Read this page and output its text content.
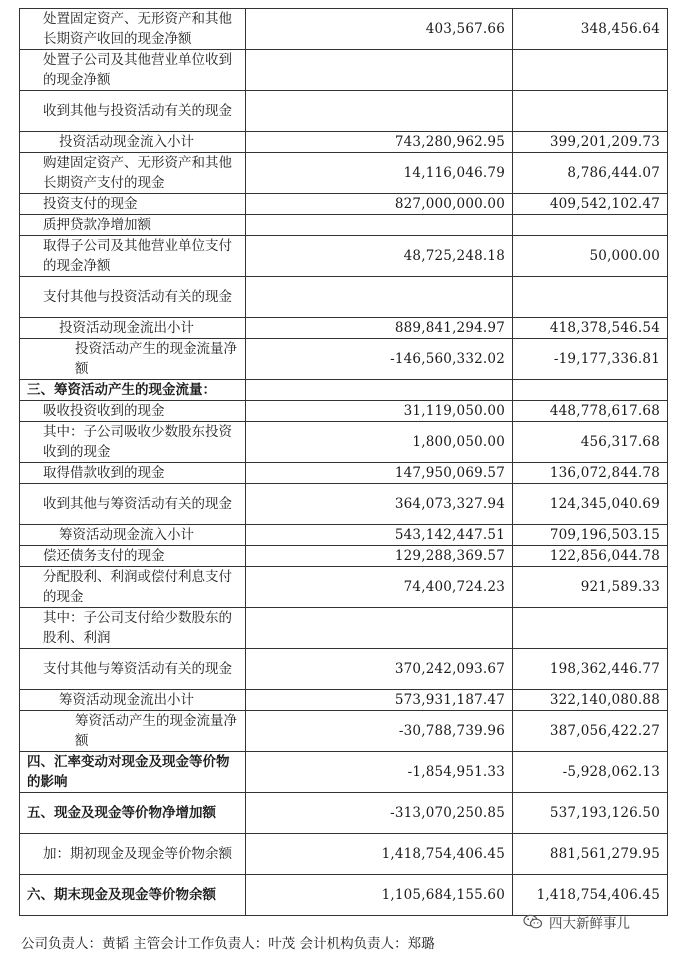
处置固定资产、无形资产和其他长期资产收回的现金净额	403,567.66	348,456.64
处置子公司及其他营业单位收到的现金净额		
收到其他与投资活动有关的现金		
投资活动现金流入小计	743,280,962.95	399,201,209.73
购建固定资产、无形资产和其他长期资产支付的现金	14,116,046.79	8,786,444.07
投资支付的现金	827,000,000.00	409,542,102.47
质押贷款净增加额		
取得子公司及其他营业单位支付的现金净额	48,725,248.18	50,000.00
支付其他与投资活动有关的现金		
投资活动现金流出小计	889,841,294.97	418,378,546.54
投资活动产生的现金流量净额	-146,560,332.02	-19,177,336.81
三、筹资活动产生的现金流量：		
吸收投资收到的现金	31,119,050.00	448,778,617.68
其中：子公司吸收少数股东投资收到的现金	1,800,050.00	456,317.68
取得借款收到的现金	147,950,069.57	136,072,844.78
收到其他与筹资活动有关的现金	364,073,327.94	124,345,040.69
筹资活动现金流入小计	543,142,447.51	709,196,503.15
偿还债务支付的现金	129,288,369.57	122,856,044.78
分配股利、利润或偿付利息支付的现金	74,400,724.23	921,589.33
其中：子公司支付给少数股东的股利、利润		
支付其他与筹资活动有关的现金	370,242,093.67	198,362,446.77
筹资活动现金流出小计	573,931,187.47	322,140,080.88
筹资活动产生的现金流量净额	-30,788,739.96	387,056,422.27
四、汇率变动对现金及现金等价物的影响	-1,854,951.33	-5,928,062.13
五、现金及现金等价物净增加额	-313,070,250.85	537,193,126.50
加：期初现金及现金等价物余额	1,418,754,406.45	881,561,279.95
六、期末现金及现金等价物余额	1,105,684,155.60	1,418,754,406.45
四大新鲜事儿
公司负责人：黄韬 主管会计工作负责人：叶茂 会计机构负责人：郑璐
